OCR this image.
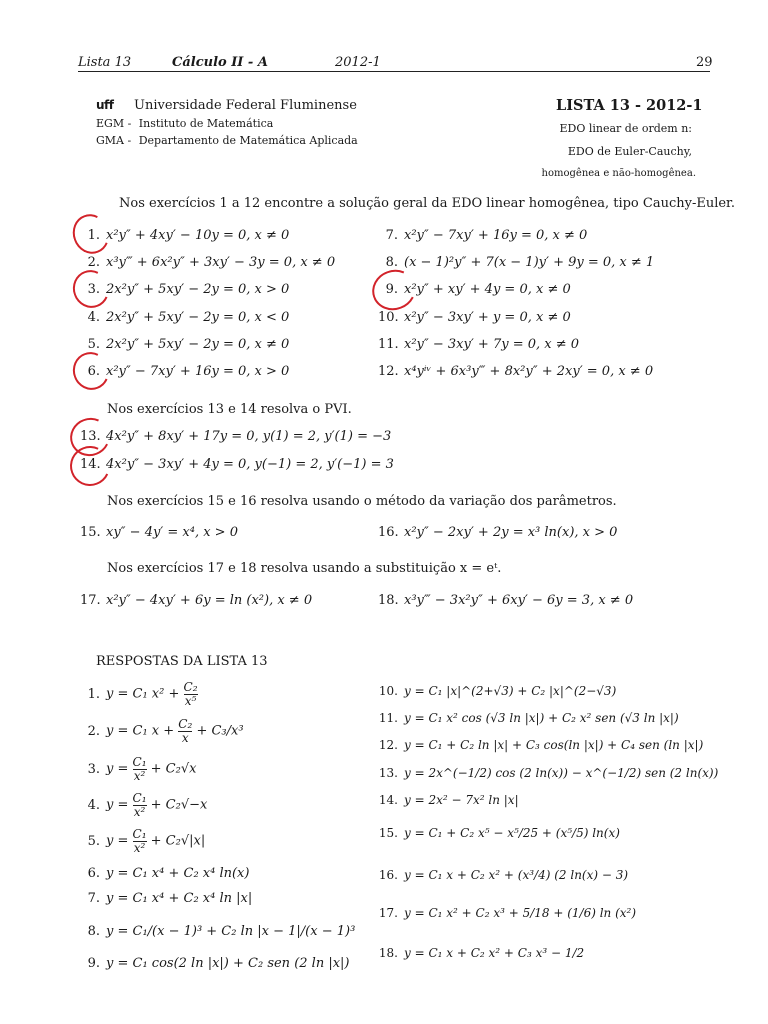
Lista 13	Cálculo II - A	2012-1	29
uff Universidade Federal Fluminense
EGM - Instituto de Matemática
GMA - Departamento de Matemática Aplicada
LISTA 13 - 2012-1
EDO linear de ordem n:
EDO de Euler-Cauchy,
homogênea e não-homogênea.
Nos exercícios 1 a 12 encontre a solução geral da EDO linear homogênea, tipo Cauchy-Euler.
1. x²y″ + 4xy′ − 10y = 0, x ≠ 0
2. x³y‴ + 6x²y″ + 3xy′ − 3y = 0, x ≠ 0
3. 2x²y″ + 5xy′ − 2y = 0, x > 0
4. 2x²y″ + 5xy′ − 2y = 0, x < 0
5. 2x²y″ + 5xy′ − 2y = 0, x ≠ 0
6. x²y″ − 7xy′ + 16y = 0, x > 0
7. x²y″ − 7xy′ + 16y = 0, x ≠ 0
8. (x − 1)²y″ + 7(x − 1)y′ + 9y = 0, x ≠ 1
9. x²y″ + xy′ + 4y = 0, x ≠ 0
10. x²y″ − 3xy′ + y = 0, x ≠ 0
11. x²y″ − 3xy′ + 7y = 0, x ≠ 0
12. x⁴yⁱᵛ + 6x³y‴ + 8x²y″ + 2xy′ = 0, x ≠ 0
Nos exercícios 13 e 14 resolva o PVI.
13. 4x²y″ + 8xy′ + 17y = 0, y(1) = 2, y′(1) = −3
14. 4x²y″ − 3xy′ + 4y = 0, y(−1) = 2, y′(−1) = 3
Nos exercícios 15 e 16 resolva usando o método da variação dos parâmetros.
15. xy″ − 4y′ = x⁴, x > 0	16. x²y″ − 2xy′ + 2y = x³ ln(x), x > 0
Nos exercícios 17 e 18 resolva usando a substituição x = eᵗ.
17. x²y″ − 4xy′ + 6y = ln (x²), x ≠ 0	18. x³y‴ − 3x²y″ + 6xy′ − 6y = 3, x ≠ 0
RESPOSTAS DA LISTA 13
1. y = C₁ $x^2 + \frac{\text{C₂}}{\text{x⁵}}$
2. y = C₁ $x + \frac{\text{C₂}}{x} + C_3/x^3$
3. $y = \frac{\text{C₁}}{\text{x²}} + C_2√x$
4. $y = \frac{\text{C₁}}{\text{x²}} + C_2√-x$
5. $y = \frac{\text{C₁}}{\text{x²}} + C_2√|x|$
6. y = C₁ x⁴ + C₂ x⁴ ln(x)
7. y = C₁ x⁴ + C₂ x⁴ ln |x|
8. y = C₁/(x − 1)³ + C₂ ln |x − 1|/(x − 1)³
9. y = C₁ cos(2 ln |x|) + C₂ sen (2 ln |x|)
10. y = C₁ |x|^(2+√3) + C₂ |x|^(2−√3)
11. y = C₁ x² cos (√3 ln |x|) + C₂ x² sen (√3 ln |x|)
12. y = C₁ + C₂ ln |x| + C₃ cos(ln |x|) + C₄ sen (ln |x|)
13. y = 2x^(−1/2) cos (2 ln(x)) − x^(−1/2) sen (2 ln(x))
14. y = 2x² − 7x² ln |x|
15. y = C₁ + C₂ x⁵ − x⁵/25 + (x⁵/5) ln(x)
16. y = C₁ x + C₂ x² + (x³/4) (2 ln(x) − 3)
17. y = C₁ x² + C₂ x³ + 5/18 + (1/6) ln (x²)
18. y = C₁ x + C₂ x² + C₃ x³ − 1/2
